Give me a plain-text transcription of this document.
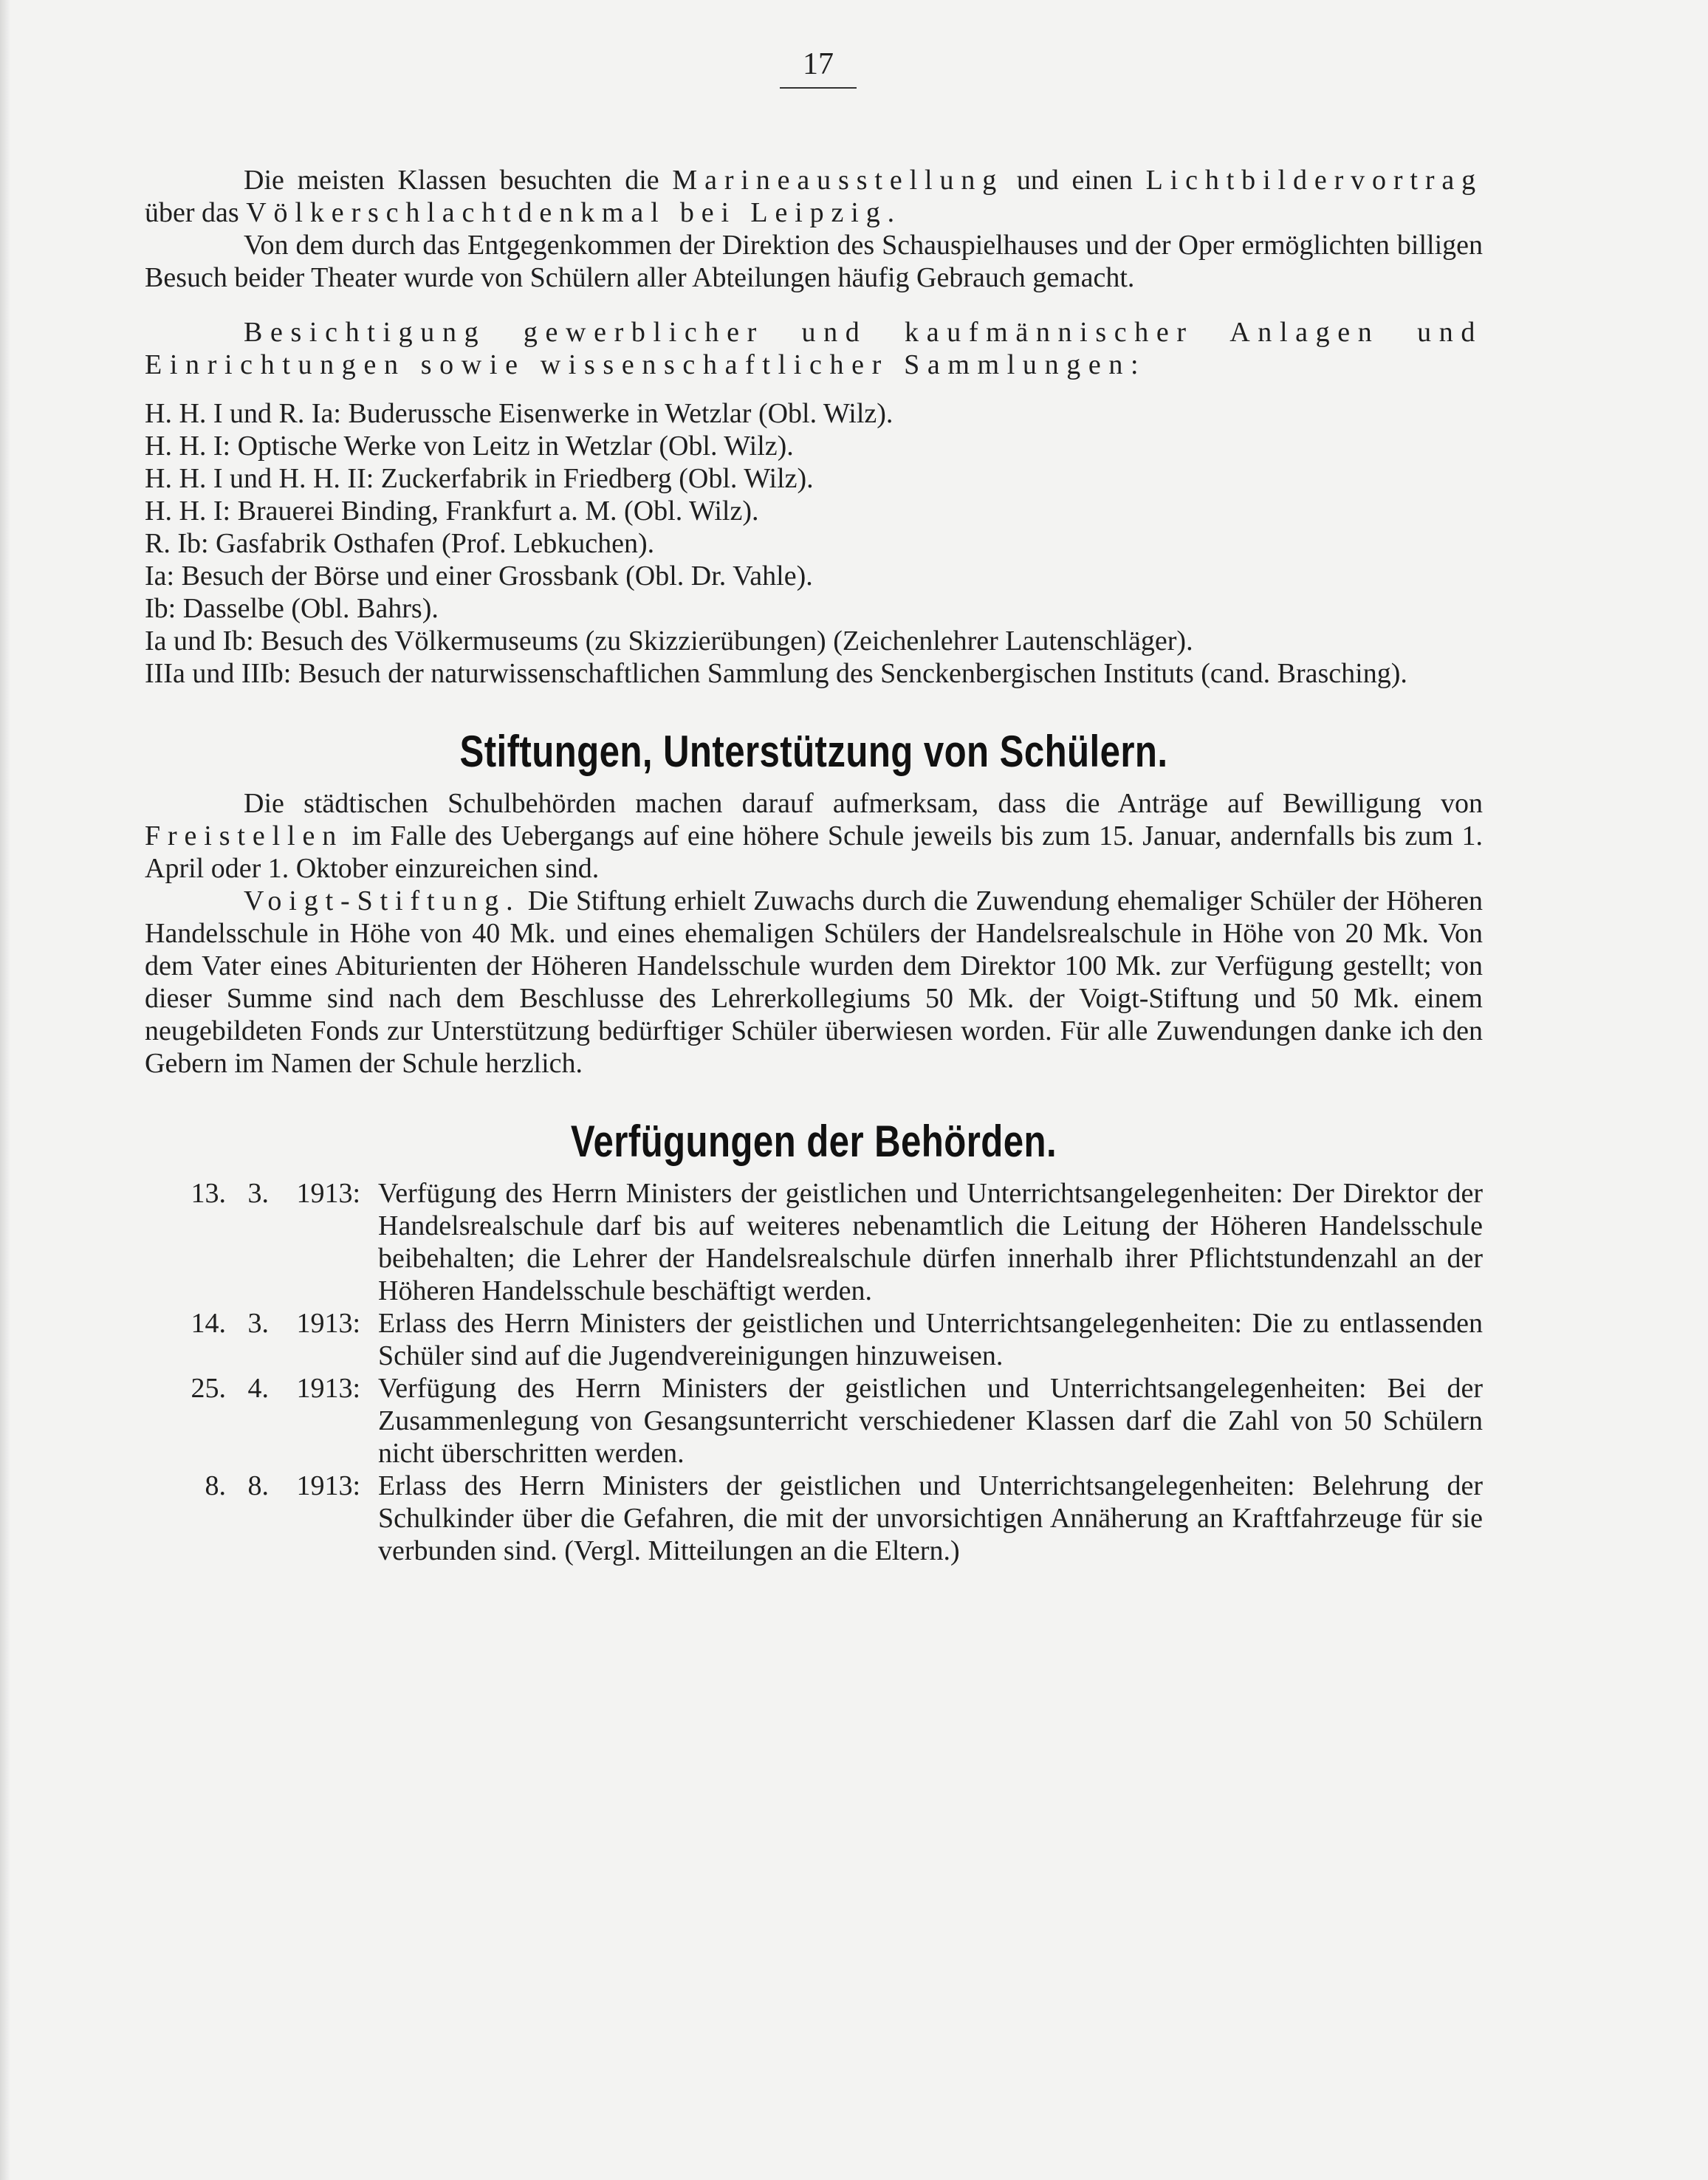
17

Die meisten Klassen besuchten die Marineausstellung und einen Lichtbildervortrag über das Völkerschlachtdenkmal bei Leipzig.

Von dem durch das Entgegenkommen der Direktion des Schauspielhauses und der Oper ermöglichten billigen Besuch beider Theater wurde von Schülern aller Abteilungen häufig Gebrauch gemacht.

Besichtigung gewerblicher und kaufmännischer Anlagen und Einrichtungen sowie wissenschaftlicher Sammlungen:

H. H. I und R. Ia: Buderussche Eisenwerke in Wetzlar (Obl. Wilz).

H. H. I: Optische Werke von Leitz in Wetzlar (Obl. Wilz).

H. H. I und H. H. II: Zuckerfabrik in Friedberg (Obl. Wilz).

H. H. I: Brauerei Binding, Frankfurt a. M. (Obl. Wilz).

R. Ib: Gasfabrik Osthafen (Prof. Lebkuchen).

Ia: Besuch der Börse und einer Grossbank (Obl. Dr. Vahle).

Ib: Dasselbe (Obl. Bahrs).

Ia und Ib: Besuch des Völkermuseums (zu Skizzierübungen) (Zeichenlehrer Lautenschläger).

IIIa und IIIb: Besuch der naturwissenschaftlichen Sammlung des Senckenbergischen Instituts (cand. Brasching).

Stiftungen, Unterstützung von Schülern.

Die städtischen Schulbehörden machen darauf aufmerksam, dass die Anträge auf Bewilligung von Freistellen im Falle des Uebergangs auf eine höhere Schule jeweils bis zum 15. Januar, andernfalls bis zum 1. April oder 1. Oktober einzureichen sind.

Voigt-Stiftung. Die Stiftung erhielt Zuwachs durch die Zuwendung ehemaliger Schüler der Höheren Handelsschule in Höhe von 40 Mk. und eines ehemaligen Schülers der Handelsrealschule in Höhe von 20 Mk. Von dem Vater eines Abiturienten der Höheren Handelsschule wurden dem Direktor 100 Mk. zur Verfügung gestellt; von dieser Summe sind nach dem Beschlusse des Lehrerkollegiums 50 Mk. der Voigt-Stiftung und 50 Mk. einem neugebildeten Fonds zur Unterstützung bedürftiger Schüler überwiesen worden. Für alle Zuwendungen danke ich den Gebern im Namen der Schule herzlich.

Verfügungen der Behörden.
13. 3. 1913: Verfügung des Herrn Ministers der geistlichen und Unterrichtsangelegenheiten: Der Direktor der Handelsrealschule darf bis auf weiteres nebenamtlich die Leitung der Höheren Handelsschule beibehalten; die Lehrer der Handelsrealschule dürfen innerhalb ihrer Pflichtstundenzahl an der Höheren Handelsschule beschäftigt werden.

14. 3. 1913: Erlass des Herrn Ministers der geistlichen und Unterrichtsangelegenheiten: Die zu entlassenden Schüler sind auf die Jugendvereinigungen hinzuweisen.

25. 4. 1913: Verfügung des Herrn Ministers der geistlichen und Unterrichtsangelegenheiten: Bei der Zusammenlegung von Gesangsunterricht verschiedener Klassen darf die Zahl von 50 Schülern nicht überschritten werden.

8. 8. 1913: Erlass des Herrn Ministers der geistlichen und Unterrichtsangelegenheiten: Belehrung der Schulkinder über die Gefahren, die mit der unvorsichtigen Annäherung an Kraftfahrzeuge für sie verbunden sind. (Vergl. Mitteilungen an die Eltern.)
